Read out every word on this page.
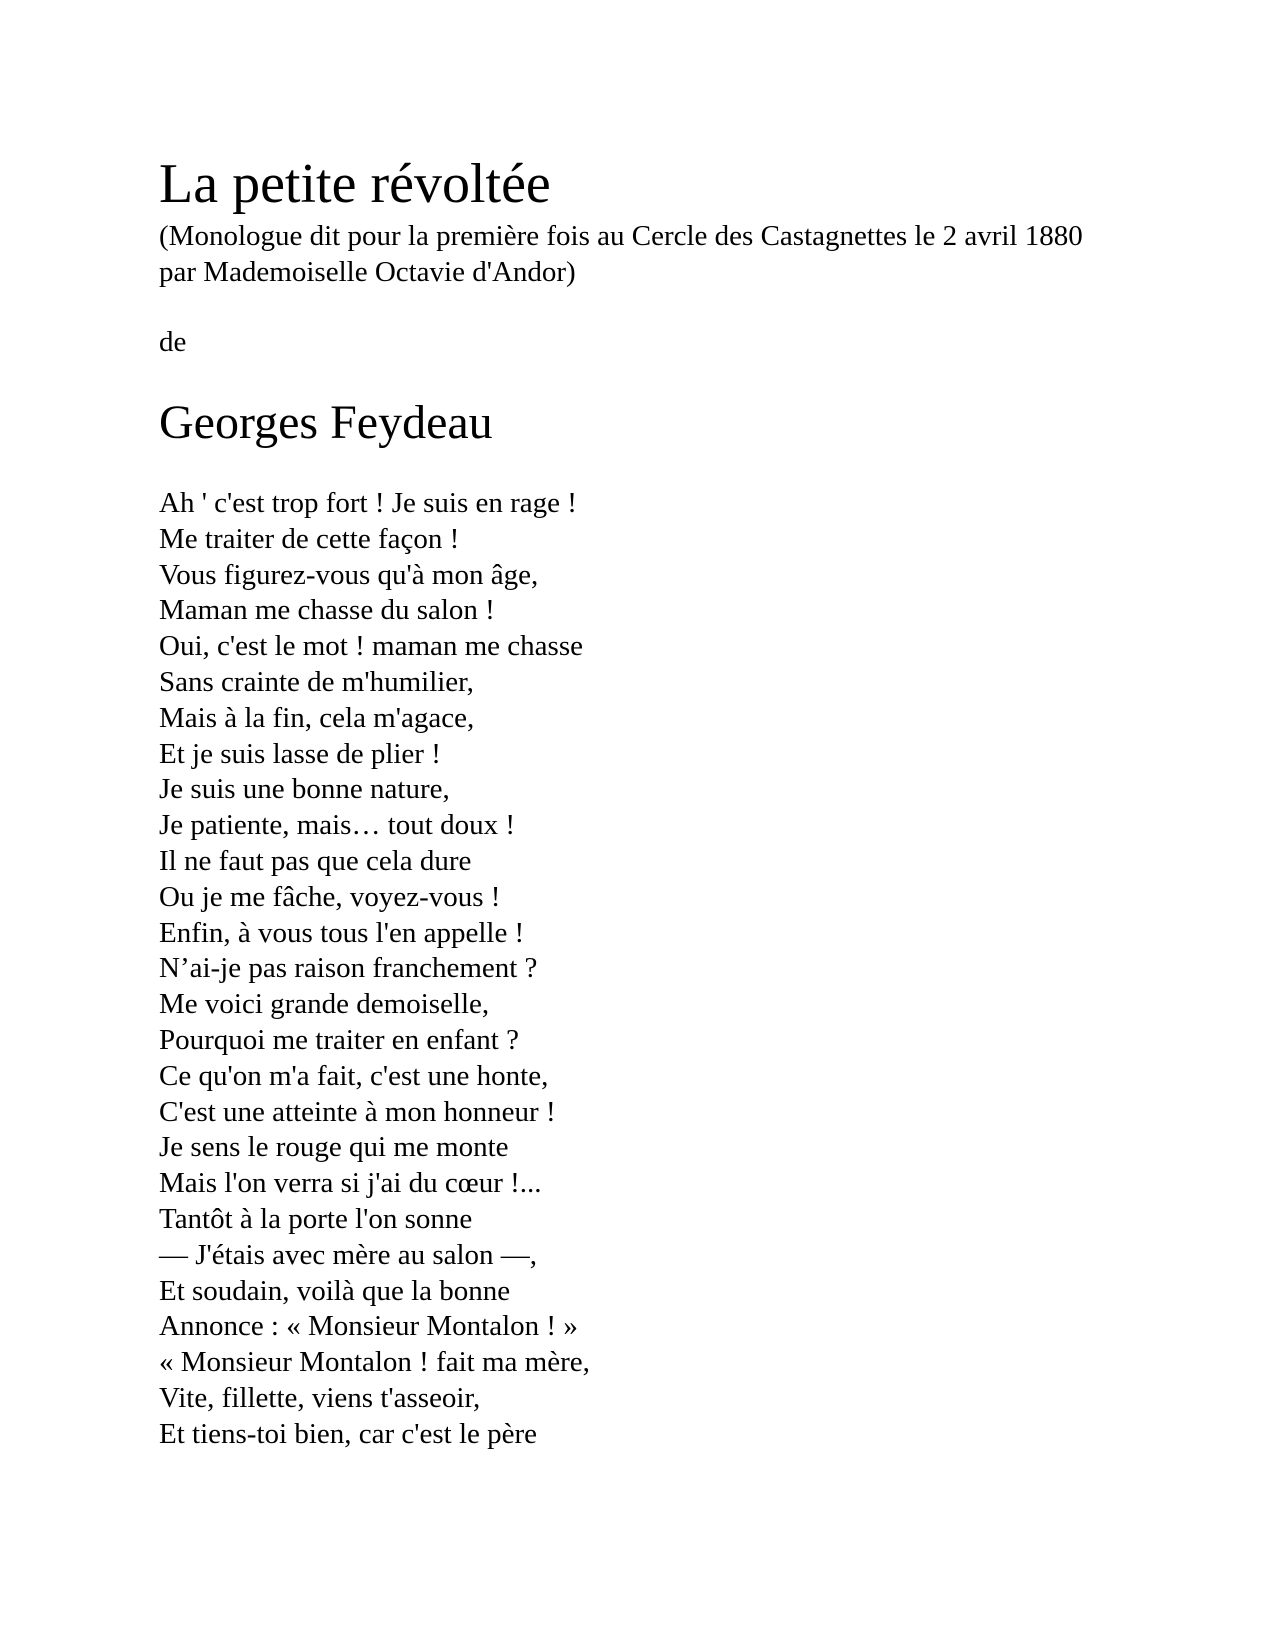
La petite révoltée

(Monologue dit pour la première fois au Cercle des Castagnettes le 2 avril 1880 par Mademoiselle Octavie d'Andor)

de

Georges Feydeau
Ah ' c'est trop fort ! Je suis en rage !
Me traiter de cette façon !
Vous figurez-vous qu'à mon âge,
Maman me chasse du salon !
Oui, c'est le mot ! maman me chasse
Sans crainte de m'humilier,
Mais à la fin, cela m'agace,
Et je suis lasse de plier !
Je suis une bonne nature,
Je patiente, mais… tout doux !
Il ne faut pas que cela dure
Ou je me fâche, voyez-vous !
Enfin, à vous tous l'en appelle !
N’ai-je pas raison franchement ?
Me voici grande demoiselle,
Pourquoi me traiter en enfant ?
Ce qu'on m'a fait, c'est une honte,
C'est une atteinte à mon honneur !
Je sens le rouge qui me monte
Mais l'on verra si j'ai du cœur !...
Tantôt à la porte l'on sonne
— J'étais avec mère au salon —,
Et soudain, voilà que la bonne
Annonce : « Monsieur Montalon ! »
« Monsieur Montalon ! fait ma mère,
Vite, fillette, viens t'asseoir,
Et tiens-toi bien, car c'est le père
